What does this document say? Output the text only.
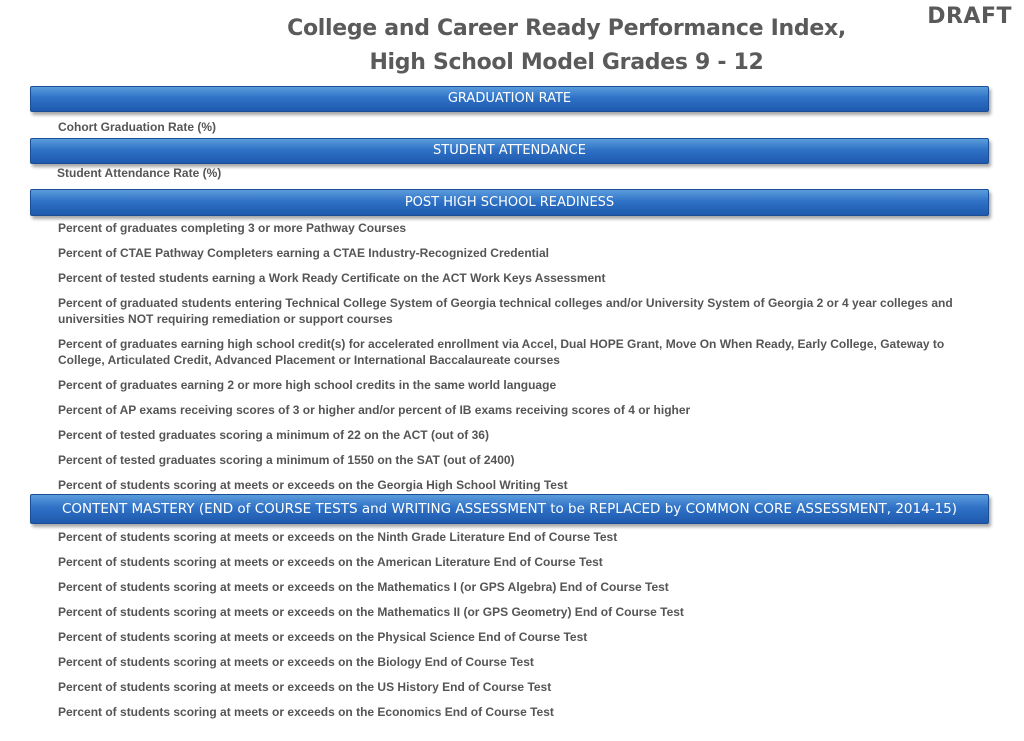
College and Career Ready Performance Index,
High School Model Grades 9 - 12
DRAFT
GRADUATION RATE
Cohort Graduation Rate (%)
STUDENT ATTENDANCE
Student Attendance Rate (%)
POST HIGH SCHOOL READINESS
Percent of graduates completing 3 or more Pathway Courses
Percent of CTAE Pathway Completers earning a CTAE Industry-Recognized Credential
Percent of tested students earning a Work Ready Certificate on the ACT Work Keys Assessment
Percent of graduated students entering Technical College System of Georgia technical colleges and/or University System of Georgia 2 or 4 year colleges and universities NOT requiring remediation or support courses
Percent of graduates earning high school credit(s) for accelerated enrollment via Accel, Dual HOPE Grant, Move On When Ready, Early College, Gateway to College, Articulated Credit, Advanced Placement or International Baccalaureate courses
Percent of graduates earning 2 or more high school credits in the same world language
Percent of AP exams receiving scores of 3 or higher and/or percent of IB exams receiving scores of 4 or higher
Percent of tested graduates scoring a minimum of 22 on the ACT (out of 36)
Percent of tested graduates scoring a minimum of 1550 on the SAT (out of 2400)
Percent of students scoring at meets or exceeds on the Georgia High School Writing Test
CONTENT MASTERY (END of COURSE TESTS and WRITING ASSESSMENT to be REPLACED by COMMON CORE ASSESSMENT, 2014-15)
Percent of students scoring at meets or exceeds on the Ninth Grade Literature End of Course Test
Percent of students scoring at meets or exceeds on the American Literature End of Course Test
Percent of students scoring at meets or exceeds on the Mathematics I (or GPS Algebra) End of Course Test
Percent of students scoring at meets or exceeds on the Mathematics II (or GPS Geometry) End of Course Test
Percent of students scoring at meets or exceeds on the Physical Science End of Course Test
Percent of students scoring at meets or exceeds on the Biology End of Course Test
Percent of students scoring at meets or exceeds on the US History End of Course Test
Percent of students scoring at meets or exceeds on the Economics End of Course Test
